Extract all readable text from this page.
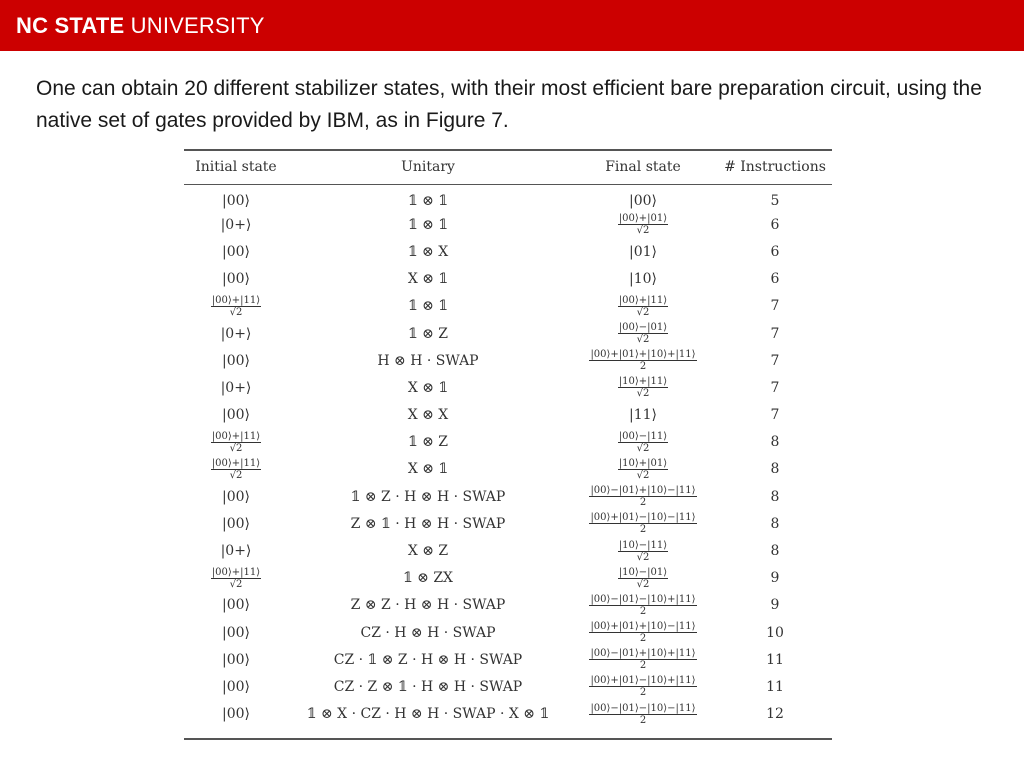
NC STATE UNIVERSITY

One can obtain 20 different stabilizer states, with their most efficient bare preparation circuit, using the native set of gates provided by IBM, as in Figure 7.

Initial state	Unitary	Final state	# Instructions
|00⟩	𝟙 ⊗ 𝟙	|00⟩	5
|0+⟩	𝟙 ⊗ 𝟙	$\frac{|00⟩+|01⟩}{√2}$	6
|00⟩	𝟙 ⊗ X	|01⟩	6
|00⟩	X ⊗ 𝟙	|10⟩	6

$\frac{|00⟩+|11⟩}{√2}$	𝟙 ⊗ 𝟙	$\frac{|00⟩+|11⟩}{√2}$	7
|0+⟩	𝟙 ⊗ Z	$\frac{|00⟩-|01⟩}{√2}$	7
|00⟩	H ⊗ H · SWAP	$\frac{|00⟩+|01⟩+|10⟩+|11⟩}{2}$	7
|0+⟩	X ⊗ 𝟙	$\frac{|10⟩+|11⟩}{√2}$	7
|00⟩	X ⊗ X	|11⟩	7

$\frac{|00⟩+|11⟩}{√2}$	𝟙 ⊗ Z	$\frac{|00⟩-|11⟩}{√2}$	8

$\frac{|00⟩+|11⟩}{√2}$	X ⊗ 𝟙	$\frac{|10⟩+|01⟩}{√2}$	8
|00⟩	𝟙 ⊗ Z · H ⊗ H · SWAP	$\frac{|00⟩-|01⟩+|10⟩-|11⟩}{2}$	8
|00⟩	Z ⊗ 𝟙 · H ⊗ H · SWAP	$\frac{|00⟩+|01⟩-|10⟩-|11⟩}{2}$	8
|0+⟩	X ⊗ Z	$\frac{|10⟩-|11⟩}{√2}$	8

$\frac{|00⟩+|11⟩}{√2}$	𝟙 ⊗ ZX	$\frac{|10⟩-|01⟩}{√2}$	9
|00⟩	Z ⊗ Z · H ⊗ H · SWAP	$\frac{|00⟩-|01⟩-|10⟩+|11⟩}{2}$	9
|00⟩	CZ · H ⊗ H · SWAP	$\frac{|00⟩+|01⟩+|10⟩-|11⟩}{2}$	10
|00⟩	CZ · 𝟙 ⊗ Z · H ⊗ H · SWAP	$\frac{|00⟩-|01⟩+|10⟩+|11⟩}{2}$	11
|00⟩	CZ · Z ⊗ 𝟙 · H ⊗ H · SWAP	$\frac{|00⟩+|01⟩-|10⟩+|11⟩}{2}$	11
|00⟩	𝟙 ⊗ X · CZ · H ⊗ H · SWAP · X ⊗ 𝟙	$\frac{|00⟩-|01⟩-|10⟩-|11⟩}{2}$	12
